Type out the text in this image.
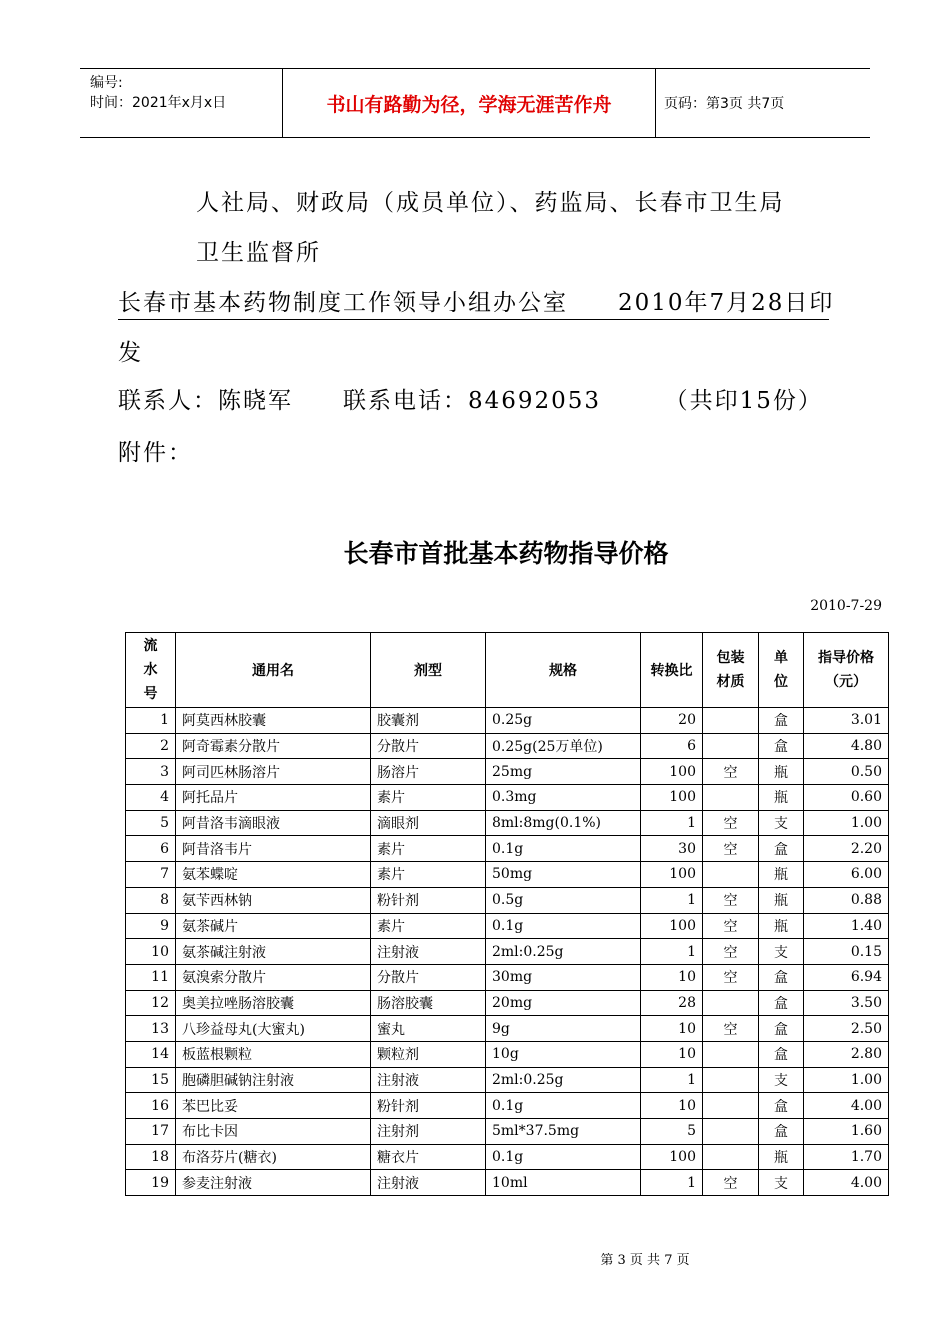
编号:
时间：2021年x月x日	书山有路勤为径，学海无涯苦作舟	页码：第3页 共7页
人社局、财政局（成员单位）、药监局、长春市卫生局
卫生监督所
长春市基本药物制度工作领导小组办公室　　2010年7月28日印
发
联系人：陈晓军　　联系电话：84692053　　　（共印15份）
附件：
长春市首批基本药物指导价格
2010-7-29
流水号	通用名	剂型	规格	转换比	包装材质	单位	指导价格（元）
1	阿莫西林胶囊	胶囊剂	0.25g	20		盒	3.01
2	阿奇霉素分散片	分散片	0.25g(25万单位)	6		盒	4.80
3	阿司匹林肠溶片	肠溶片	25mg	100	空	瓶	0.50
4	阿托品片	素片	0.3mg	100		瓶	0.60
5	阿昔洛韦滴眼液	滴眼剂	8ml:8mg(0.1%)	1	空	支	1.00
6	阿昔洛韦片	素片	0.1g	30	空	盒	2.20
7	氨苯蝶啶	素片	50mg	100		瓶	6.00
8	氨苄西林钠	粉针剂	0.5g	1	空	瓶	0.88
9	氨茶碱片	素片	0.1g	100	空	瓶	1.40
10	氨茶碱注射液	注射液	2ml:0.25g	1	空	支	0.15
11	氨溴索分散片	分散片	30mg	10	空	盒	6.94
12	奥美拉唑肠溶胶囊	肠溶胶囊	20mg	28		盒	3.50
13	八珍益母丸(大蜜丸)	蜜丸	9g	10	空	盒	2.50
14	板蓝根颗粒	颗粒剂	10g	10		盒	2.80
15	胞磷胆碱钠注射液	注射液	2ml:0.25g	1		支	1.00
16	苯巴比妥	粉针剂	0.1g	10		盒	4.00
17	布比卡因	注射剂	5ml*37.5mg	5		盒	1.60
18	布洛芬片(糖衣)	糖衣片	0.1g	100		瓶	1.70
19	参麦注射液	注射液	10ml	1	空	支	4.00
第 3 页 共 7 页
